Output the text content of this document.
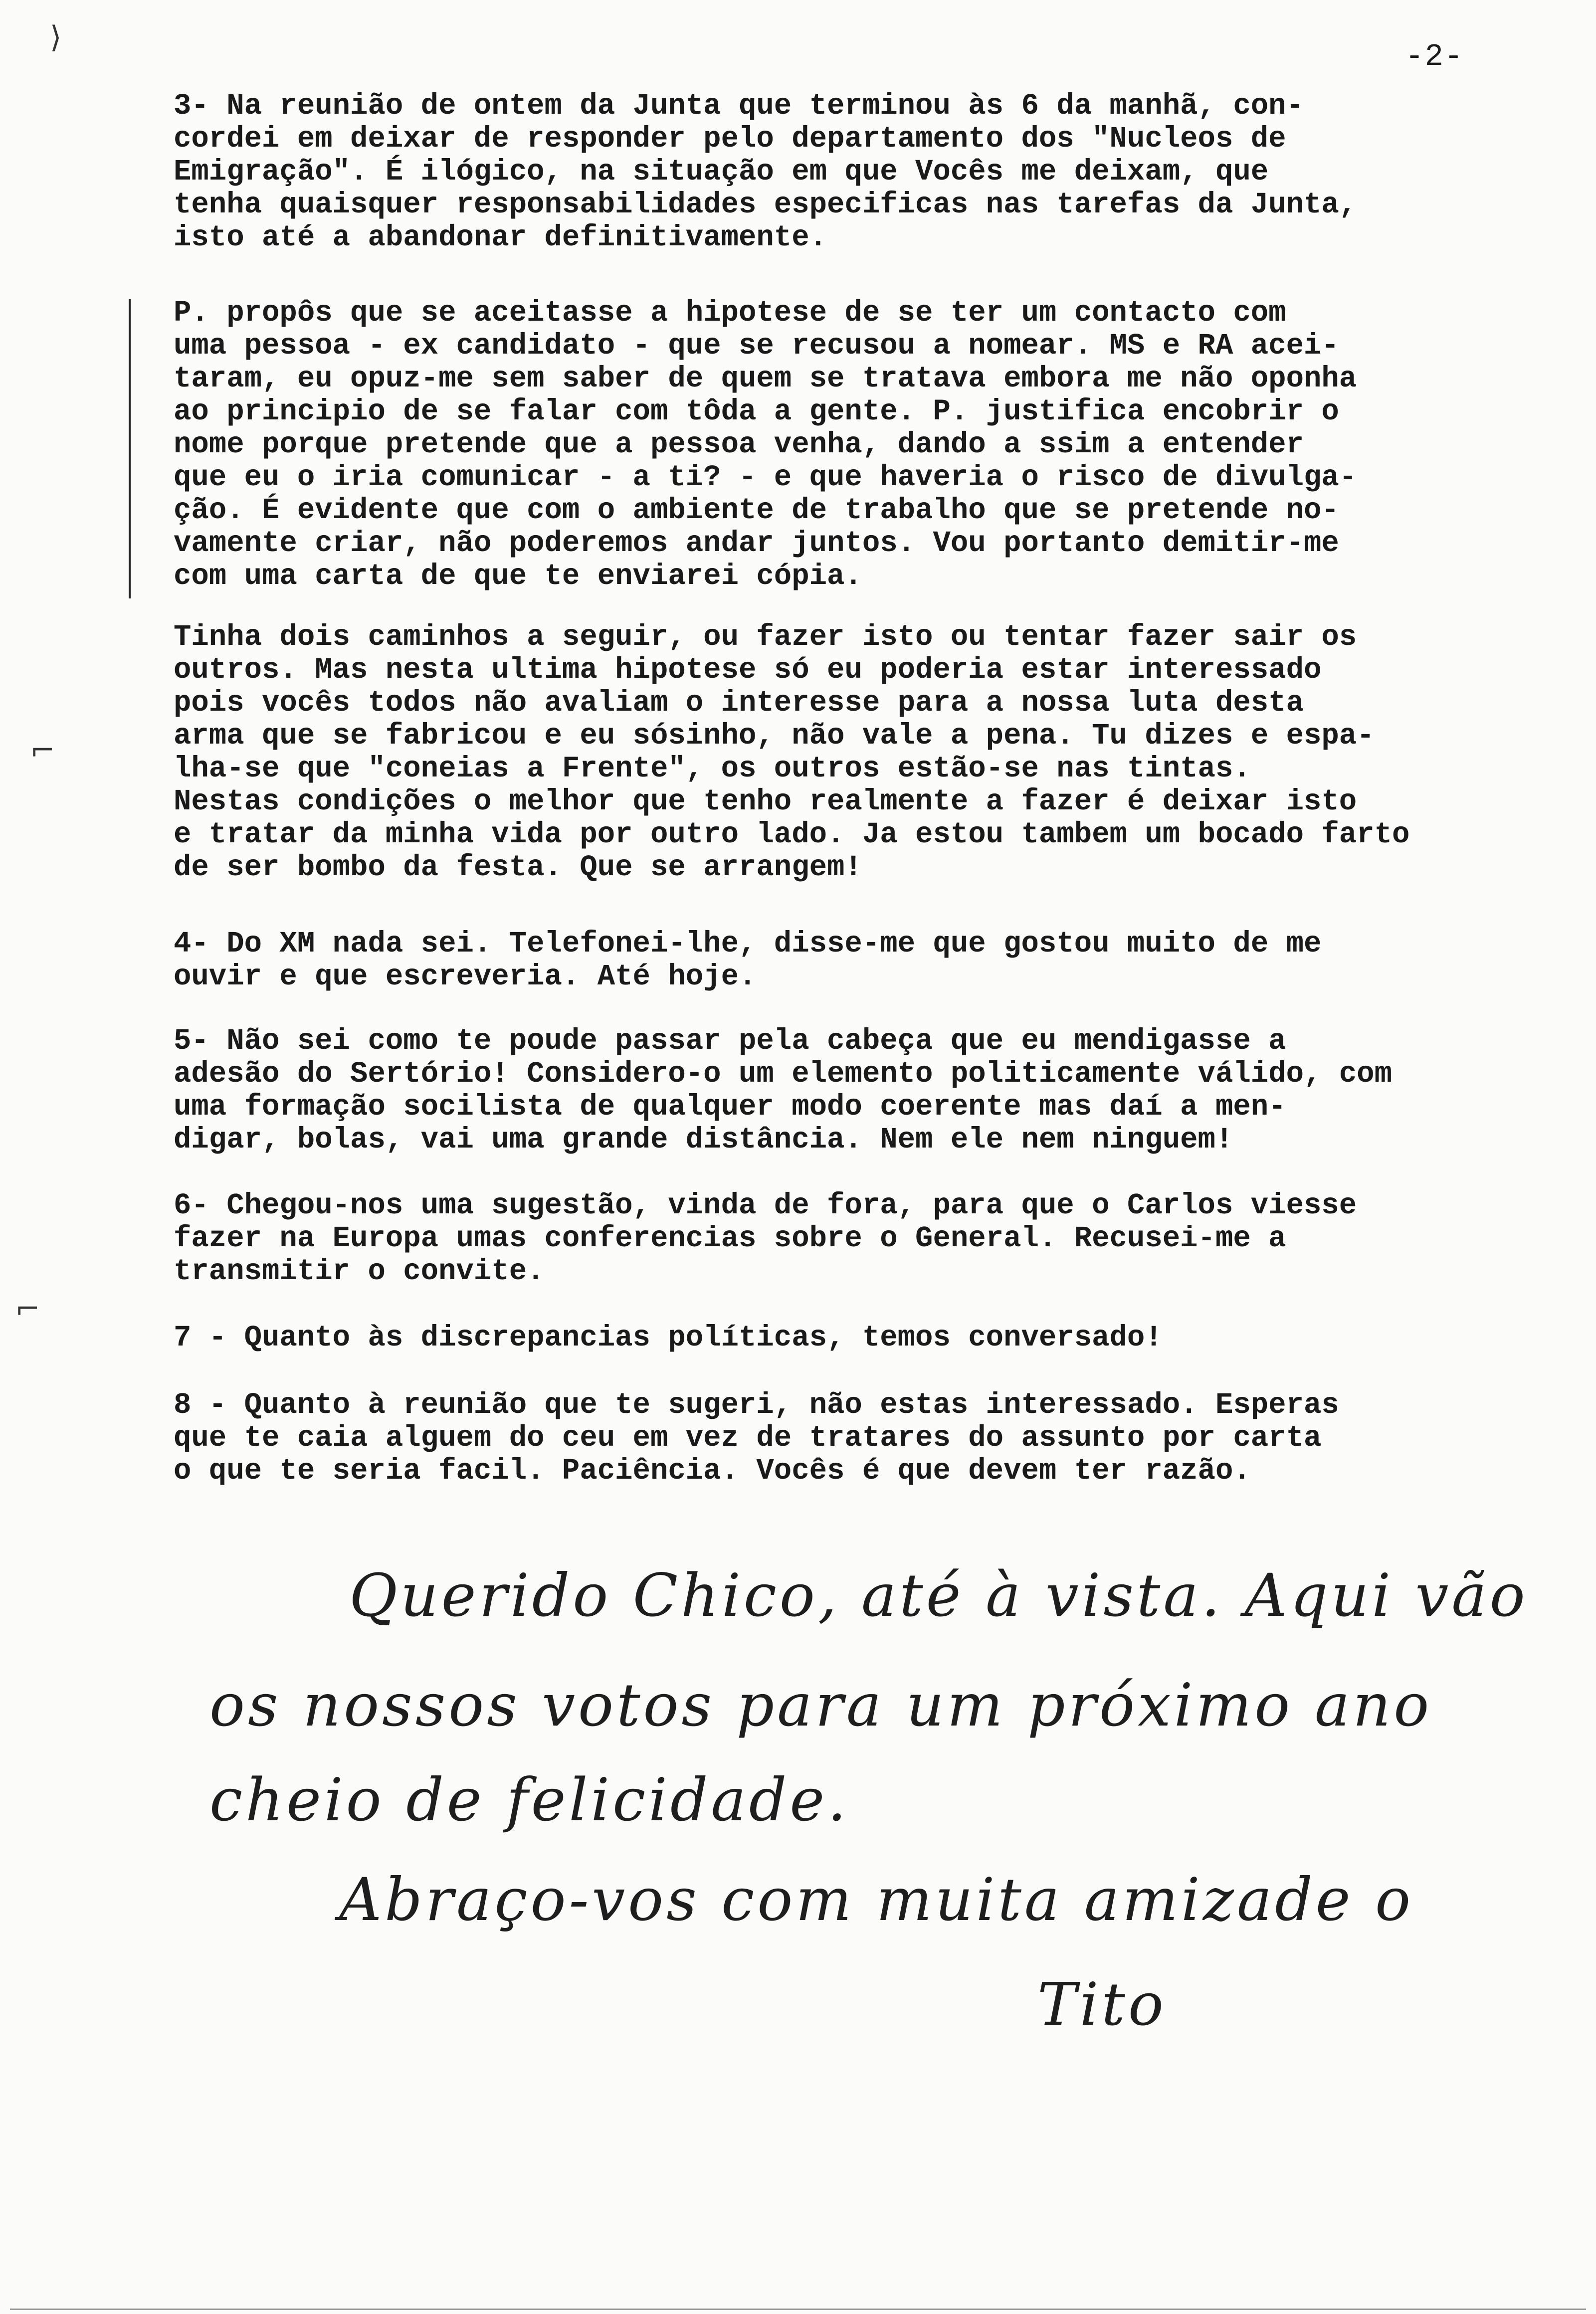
-2-
⟩
⌐
⌐

3- Na reunião de ontem da Junta que terminou às 6 da manhã, con-
cordei em deixar de responder pelo departamento dos "Nucleos de
Emigração". É ilógico, na situação em que Vocês me deixam, que
tenha quaisquer responsabilidades especificas nas tarefas da Junta,
isto até a abandonar definitivamente.

P. propôs que se aceitasse a hipotese de se ter um contacto com
uma pessoa - ex candidato - que se recusou a nomear. MS e RA acei-
taram, eu opuz-me sem saber de quem se tratava embora me não oponha
ao principio de se falar com tôda a gente. P. justifica encobrir o
nome porque pretende que a pessoa venha, dando a ssim a entender
que eu o iria comunicar - a ti? - e que haveria o risco de divulga-
ção. É evidente que com o ambiente de trabalho que se pretende no-
vamente criar, não poderemos andar juntos. Vou portanto demitir-me
com uma carta de que te enviarei cópia.

Tinha dois caminhos a seguir, ou fazer isto ou tentar fazer sair os
outros. Mas nesta ultima hipotese só eu poderia estar interessado
pois vocês todos não avaliam o interesse para a nossa luta desta
arma que se fabricou e eu sósinho, não vale a pena. Tu dizes e espa-
lha-se que "coneias a Frente", os outros estão-se nas tintas.
Nestas condições o melhor que tenho realmente a fazer é deixar isto
e tratar da minha vida por outro lado. Ja estou tambem um bocado farto
de ser bombo da festa. Que se arrangem!

4- Do XM nada sei. Telefonei-lhe, disse-me que gostou muito de me
ouvir e que escreveria. Até hoje.

5- Não sei como te poude passar pela cabeça que eu mendigasse a
adesão do Sertório! Considero-o um elemento politicamente válido, com
uma formação socilista de qualquer modo coerente mas daí a men-
digar, bolas, vai uma grande distância. Nem ele nem ninguem!

6- Chegou-nos uma sugestão, vinda de fora, para que o Carlos viesse
fazer na Europa umas conferencias sobre o General. Recusei-me a
transmitir o convite.

7 - Quanto às discrepancias políticas, temos conversado!

8 - Quanto à reunião que te sugeri, não estas interessado. Esperas
que te caia alguem do ceu em vez de tratares do assunto por carta
o que te seria facil. Paciência. Vocês é que devem ter razão.

Querido Chico, até à vista. Aqui vão
os nossos votos para um próximo ano
cheio de felicidade.
Abraço-vos com muita amizade o
Tito
